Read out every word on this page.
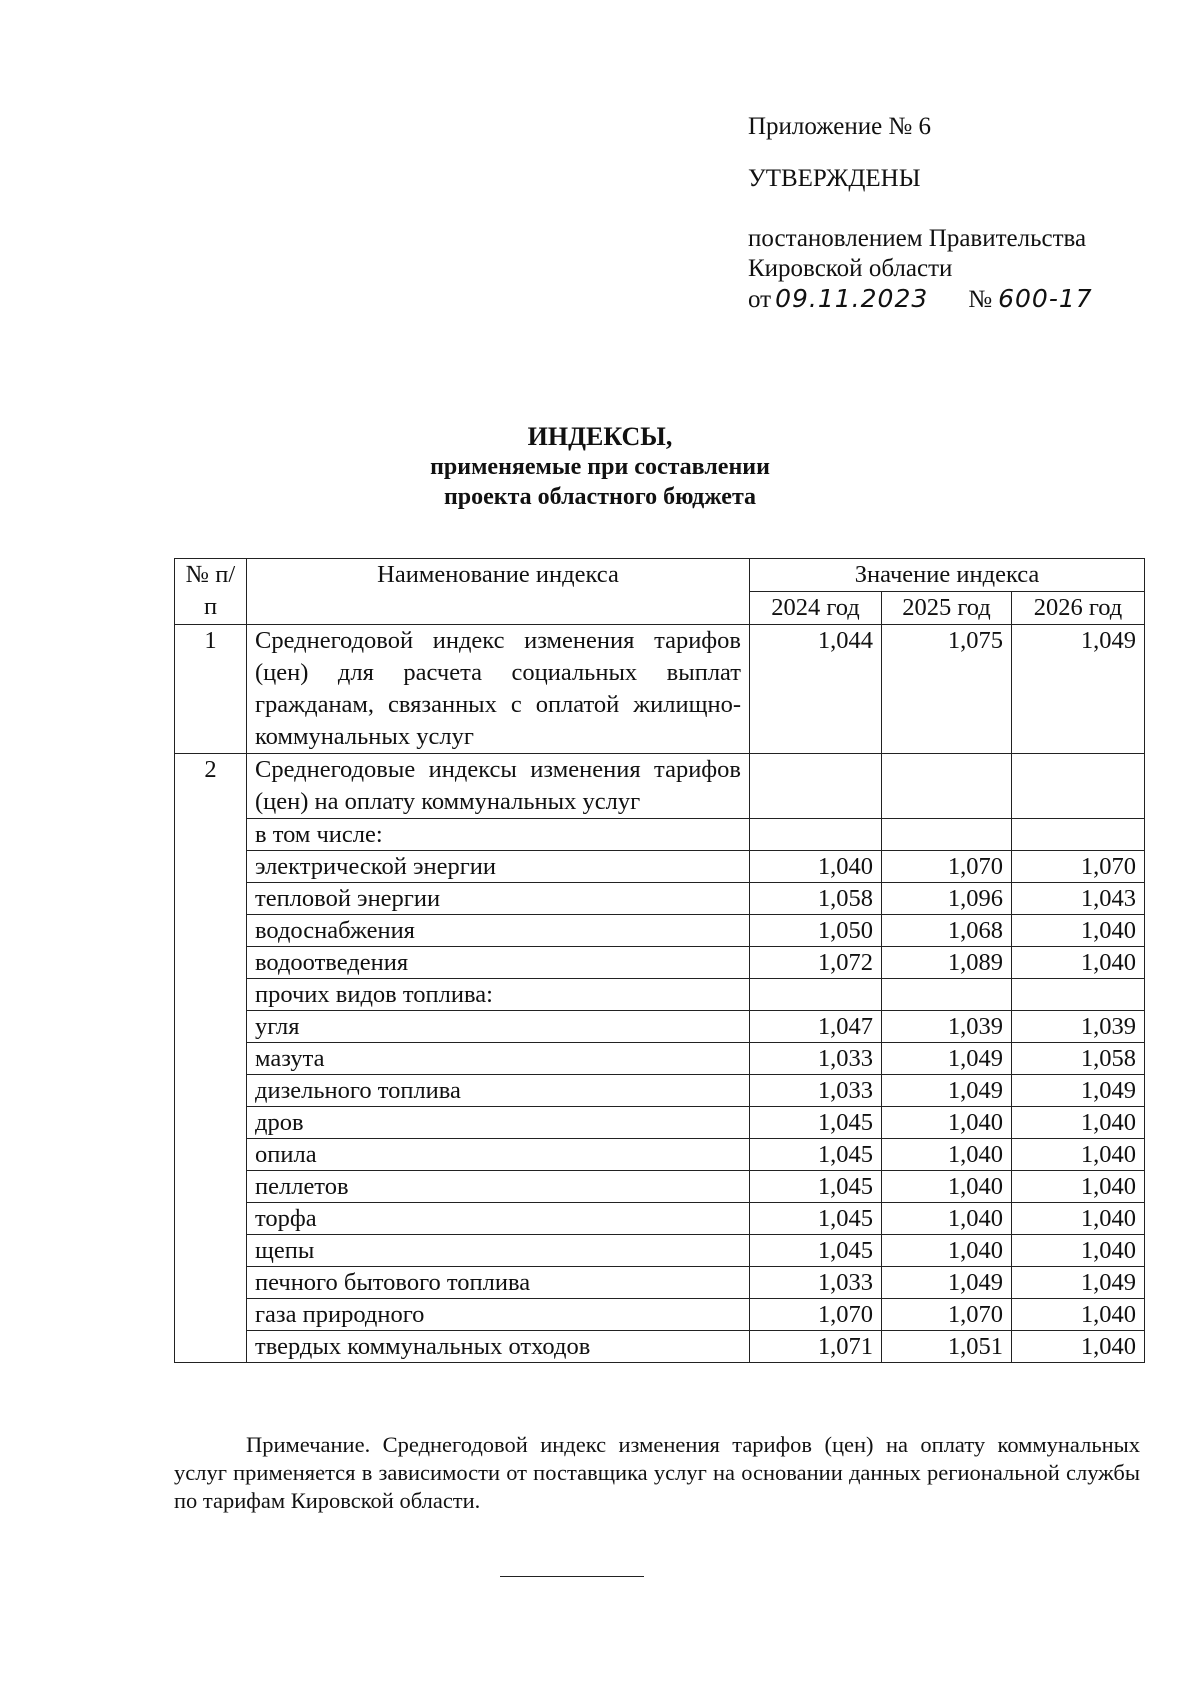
Приложение № 6
УТВЕРЖДЕНЫ
постановлением Правительства
Кировской области
от 09.11.2023 № 600-17
ИНДЕКСЫ,
применяемые при составлении
проекта областного бюджета
№ п/п	Наименование индекса	Значение индекса		
		2024 год	2025 год	2026 год
1	Среднегодовой индекс изменения тарифов (цен) для расчета социальных выплат гражданам, связанных с оплатой жилищно-коммунальных услуг	1,044	1,075	1,049
2	Среднегодовые индексы изменения тарифов (цен) на оплату коммунальных услуг			
	в том числе:			
	электрической энергии	1,040	1,070	1,070
	тепловой энергии	1,058	1,096	1,043
	водоснабжения	1,050	1,068	1,040
	водоотведения	1,072	1,089	1,040
	прочих видов топлива:			
	угля	1,047	1,039	1,039
	мазута	1,033	1,049	1,058
	дизельного топлива	1,033	1,049	1,049
	дров	1,045	1,040	1,040
	опила	1,045	1,040	1,040
	пеллетов	1,045	1,040	1,040
	торфа	1,045	1,040	1,040
	щепы	1,045	1,040	1,040
	печного бытового топлива	1,033	1,049	1,049
	газа природного	1,070	1,070	1,040
	твердых коммунальных отходов	1,071	1,051	1,040
Примечание. Среднегодовой индекс изменения тарифов (цен) на оплату коммунальных услуг применяется в зависимости от поставщика услуг на основании данных региональной службы по тарифам Кировской области.
